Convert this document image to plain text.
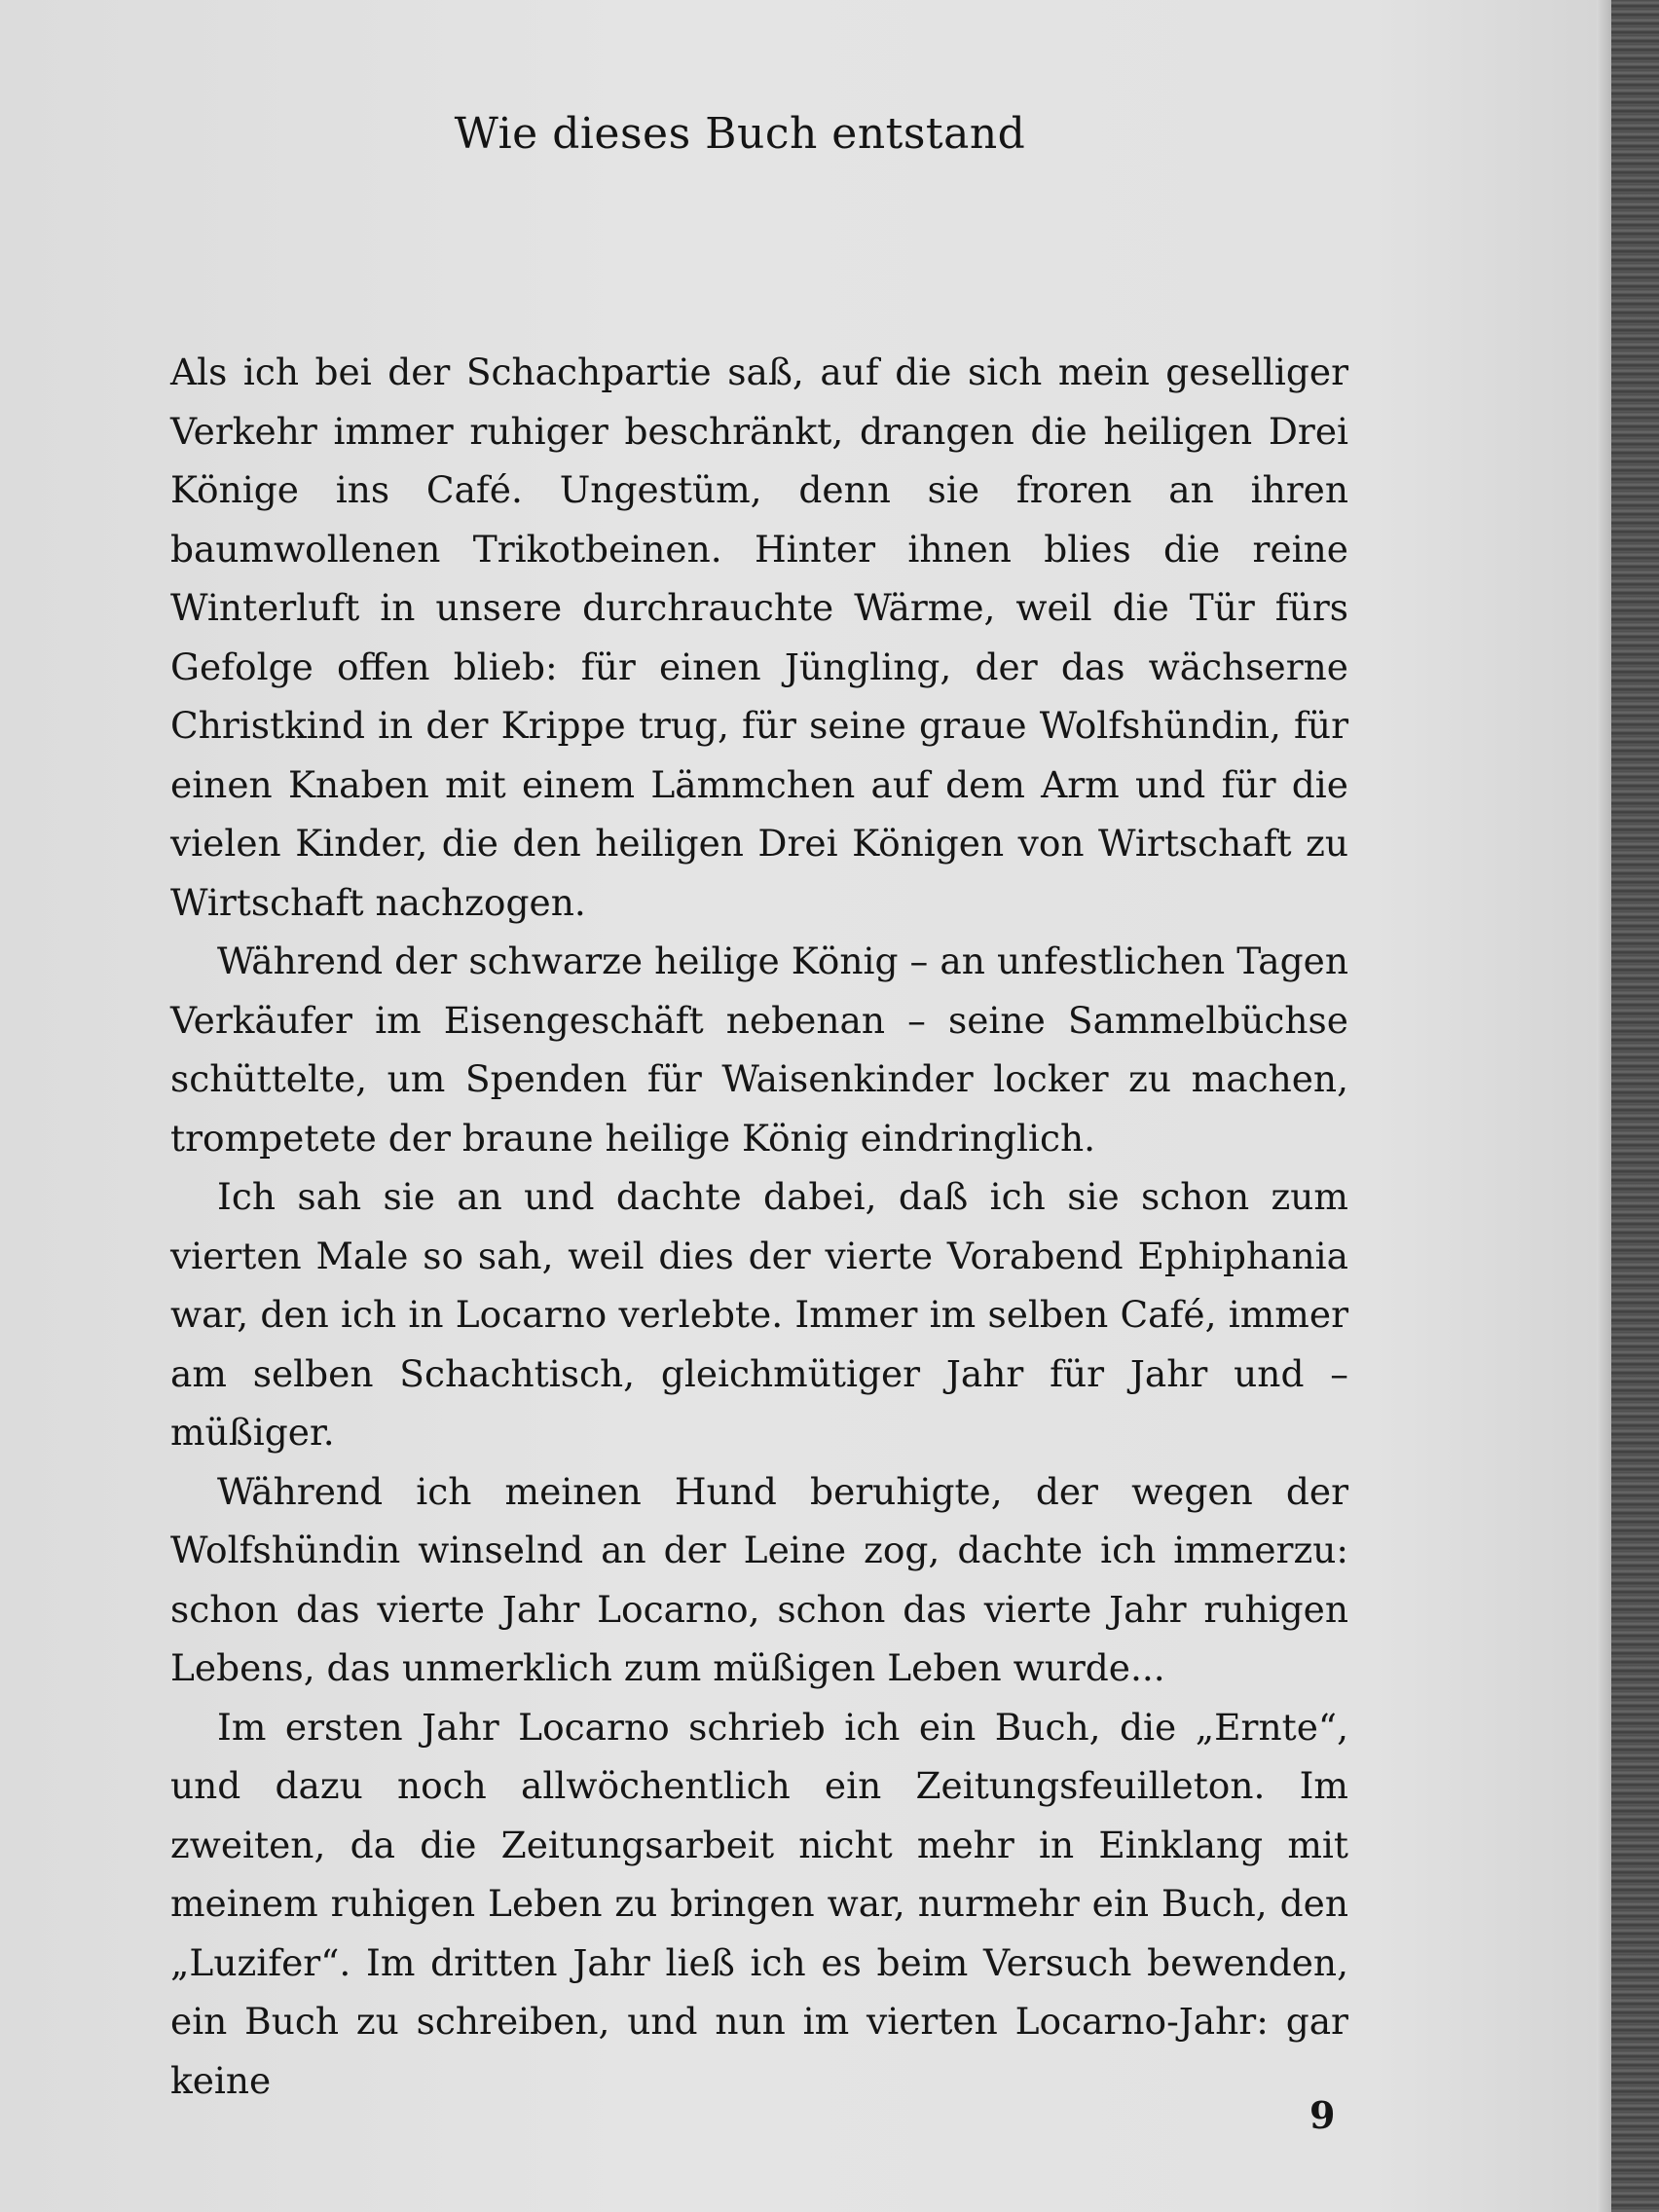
Wie dieses Buch entstand

Als ich bei der Schachpartie saß, auf die sich mein geselliger Verkehr immer ruhiger beschränkt, drangen die heiligen Drei Könige ins Café. Ungestüm, denn sie froren an ihren baumwollenen Trikotbeinen. Hinter ihnen blies die reine Winterluft in unsere durchrauchte Wärme, weil die Tür fürs Gefolge offen blieb: für einen Jüngling, der das wächserne Christkind in der Krippe trug, für seine graue Wolfshündin, für einen Knaben mit einem Lämmchen auf dem Arm und für die vielen Kinder, die den heiligen Drei Königen von Wirtschaft zu Wirtschaft nachzogen.

Während der schwarze heilige König – an unfestlichen Tagen Verkäufer im Eisengeschäft nebenan – seine Sammelbüchse schüttelte, um Spenden für Waisenkinder locker zu machen, trompetete der braune heilige König eindringlich.

Ich sah sie an und dachte dabei, daß ich sie schon zum vierten Male so sah, weil dies der vierte Vorabend Ephiphania war, den ich in Locarno verlebte. Immer im selben Café, immer am selben Schachtisch, gleichmütiger Jahr für Jahr und – müßiger.

Während ich meinen Hund beruhigte, der wegen der Wolfshündin winselnd an der Leine zog, dachte ich immerzu: schon das vierte Jahr Locarno, schon das vierte Jahr ruhigen Lebens, das unmerklich zum müßigen Leben wurde...

Im ersten Jahr Locarno schrieb ich ein Buch, die „Ernte“, und dazu noch allwöchentlich ein Zeitungsfeuilleton. Im zweiten, da die Zeitungsarbeit nicht mehr in Einklang mit meinem ruhigen Leben zu bringen war, nurmehr ein Buch, den „Luzifer“. Im dritten Jahr ließ ich es beim Versuch bewenden, ein Buch zu schreiben, und nun im vierten Locarno-Jahr: gar keine

9
